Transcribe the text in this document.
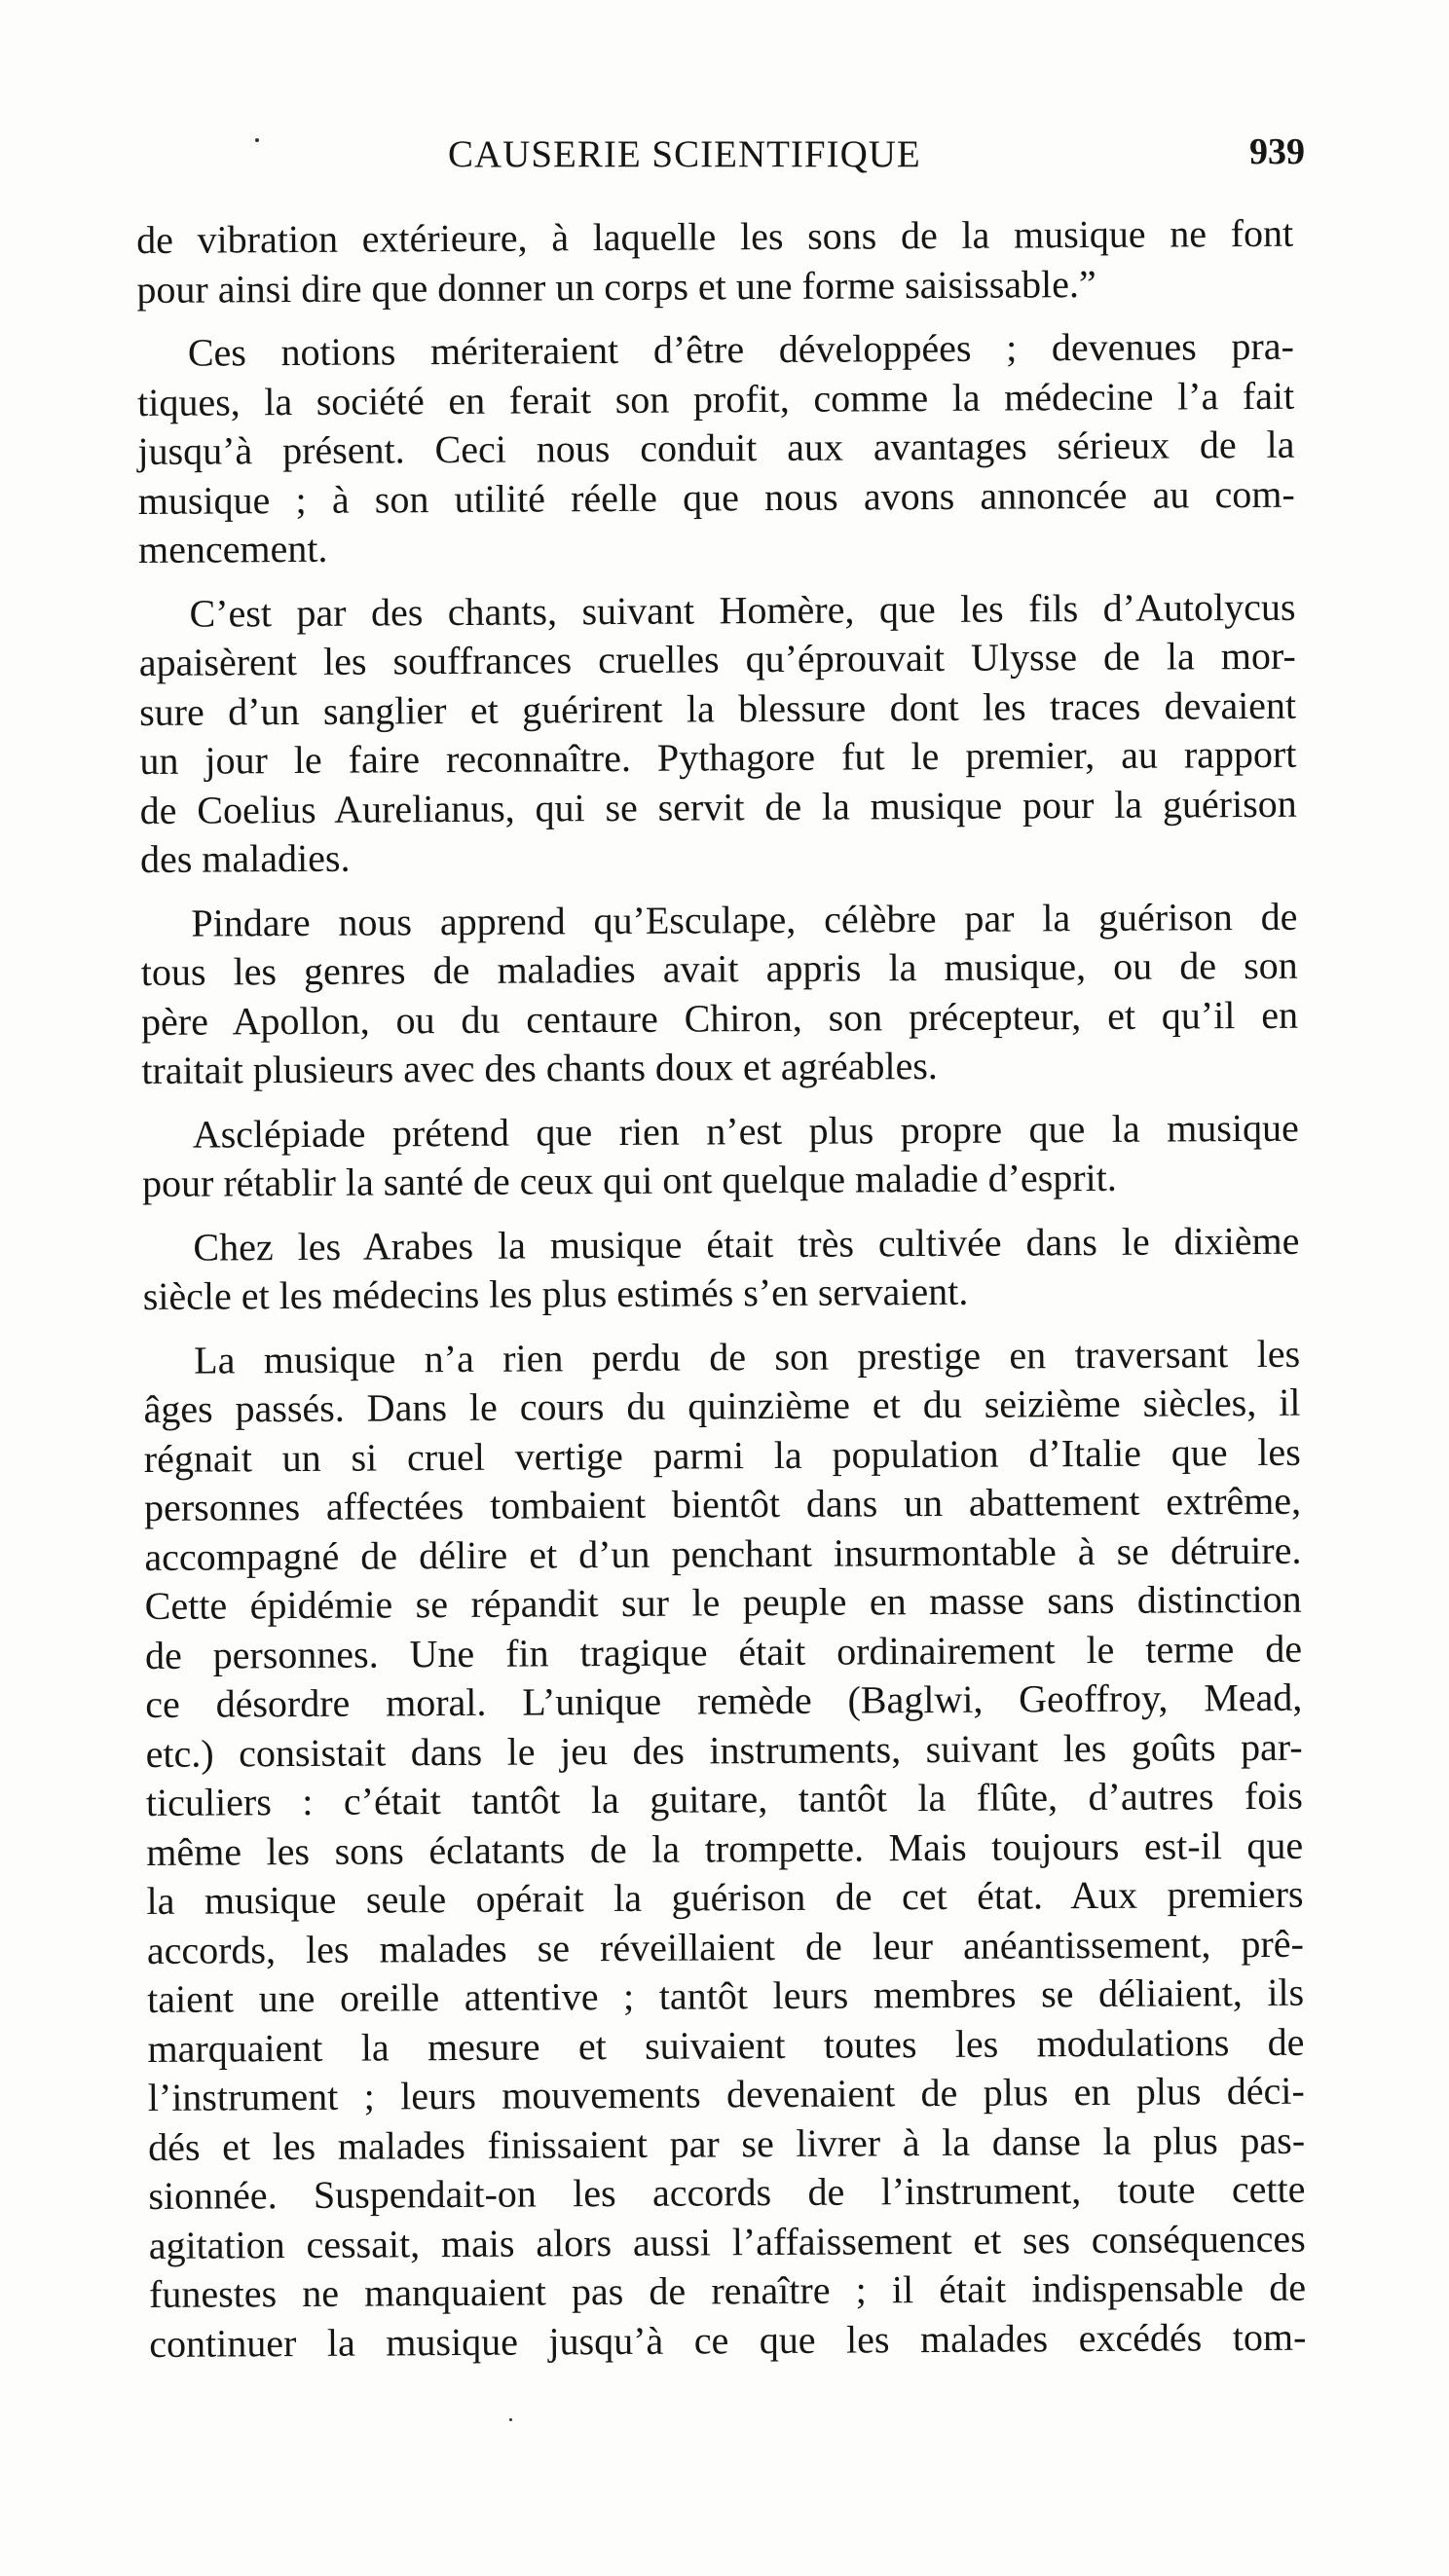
CAUSERIE SCIENTIFIQUE	939
de vibration extérieure, à laquelle les sons de la musique ne font
pour ainsi dire que donner un corps et une forme saisissable.”
Ces notions mériteraient d’être développées ; devenues pra-
tiques, la société en ferait son profit, comme la médecine l’a fait
jusqu’à présent. Ceci nous conduit aux avantages sérieux de la
musique ; à son utilité réelle que nous avons annoncée au com-
mencement.
C’est par des chants, suivant Homère, que les fils d’Autolycus
apaisèrent les souffrances cruelles qu’éprouvait Ulysse de la mor-
sure d’un sanglier et guérirent la blessure dont les traces devaient
un jour le faire reconnaître. Pythagore fut le premier, au rapport
de Coelius Aurelianus, qui se servit de la musique pour la guérison
des maladies.
Pindare nous apprend qu’Esculape, célèbre par la guérison de
tous les genres de maladies avait appris la musique, ou de son
père Apollon, ou du centaure Chiron, son précepteur, et qu’il en
traitait plusieurs avec des chants doux et agréables.
Asclépiade prétend que rien n’est plus propre que la musique
pour rétablir la santé de ceux qui ont quelque maladie d’esprit.
Chez les Arabes la musique était très cultivée dans le dixième
siècle et les médecins les plus estimés s’en servaient.
La musique n’a rien perdu de son prestige en traversant les
âges passés. Dans le cours du quinzième et du seizième siècles, il
régnait un si cruel vertige parmi la population d’Italie que les
personnes affectées tombaient bientôt dans un abattement extrême,
accompagné de délire et d’un penchant insurmontable à se détruire.
Cette épidémie se répandit sur le peuple en masse sans distinction
de personnes. Une fin tragique était ordinairement le terme de
ce désordre moral. L’unique remède (Baglwi, Geoffroy, Mead,
etc.) consistait dans le jeu des instruments, suivant les goûts par-
ticuliers : c’était tantôt la guitare, tantôt la flûte, d’autres fois
même les sons éclatants de la trompette. Mais toujours est-il que
la musique seule opérait la guérison de cet état. Aux premiers
accords, les malades se réveillaient de leur anéantissement, prê-
taient une oreille attentive ; tantôt leurs membres se déliaient, ils
marquaient la mesure et suivaient toutes les modulations de
l’instrument ; leurs mouvements devenaient de plus en plus déci-
dés et les malades finissaient par se livrer à la danse la plus pas-
sionnée. Suspendait-on les accords de l’instrument, toute cette
agitation cessait, mais alors aussi l’affaissement et ses conséquences
funestes ne manquaient pas de renaître ; il était indispensable de
continuer la musique jusqu’à ce que les malades excédés tom-
